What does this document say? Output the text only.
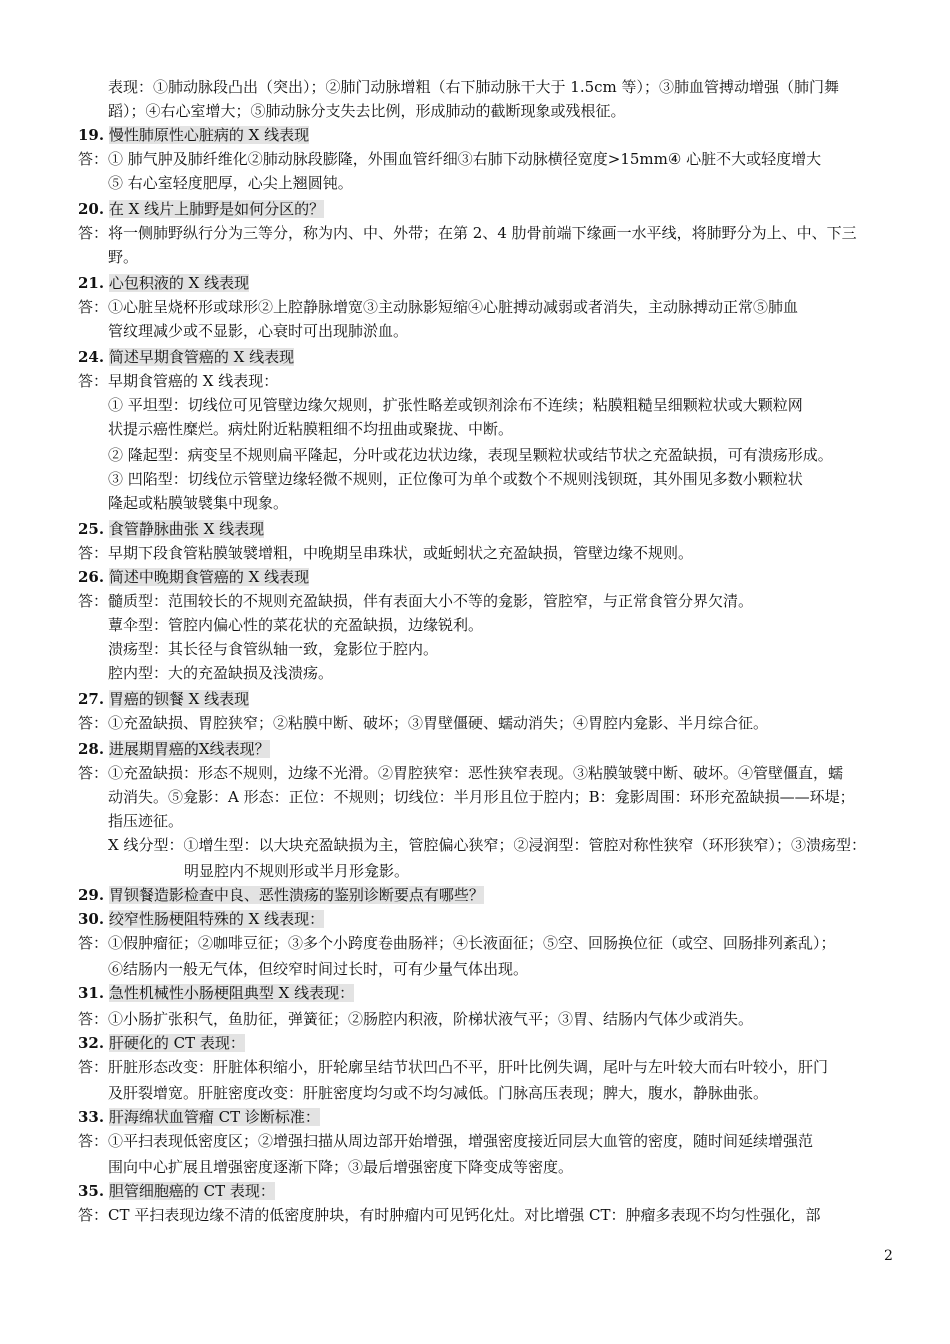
表现：①肺动脉段凸出（突出）；②肺门动脉增粗（右下肺动脉干大于 1.5cm 等）；③肺血管搏动增强（肺门舞
蹈）；④右心室增大；⑤肺动脉分支失去比例，形成肺动的截断现象或残根征。
19. 慢性肺原性心脏病的 X 线表现
答：① 肺气肿及肺纤维化②肺动脉段膨隆，外围血管纤细③右肺下动脉横径宽度>15mm④ 心脏不大或轻度增大
⑤ 右心室轻度肥厚，心尖上翘圆钝。
20. 在 X 线片上肺野是如何分区的？
答：将一侧肺野纵行分为三等分，称为内、中、外带；在第 2、4 肋骨前端下缘画一水平线，将肺野分为上、中、下三
野。
21. 心包积液的 X 线表现
答：①心脏呈烧杯形或球形②上腔静脉增宽③主动脉影短缩④心脏搏动减弱或者消失，主动脉搏动正常⑤肺血
管纹理减少或不显影，心衰时可出现肺淤血。
24. 简述早期食管癌的 X 线表现
答：早期食管癌的 X 线表现：
① 平坦型：切线位可见管壁边缘欠规则，扩张性略差或钡剂涂布不连续；粘膜粗糙呈细颗粒状或大颗粒网
状提示癌性糜烂。病灶附近粘膜粗细不均扭曲或聚拢、中断。
② 隆起型：病变呈不规则扁平隆起，分叶或花边状边缘，表现呈颗粒状或结节状之充盈缺损，可有溃疡形成。
③ 凹陷型：切线位示管壁边缘轻微不规则，正位像可为单个或数个不规则浅钡斑，其外围见多数小颗粒状
隆起或粘膜皱襞集中现象。
25. 食管静脉曲张 X 线表现
答：早期下段食管粘膜皱襞增粗，中晚期呈串珠状，或蚯蚓状之充盈缺损，管壁边缘不规则。
26. 简述中晚期食管癌的 X 线表现
答：髓质型：范围较长的不规则充盈缺损，伴有表面大小不等的龛影，管腔窄，与正常食管分界欠清。
蕈伞型：管腔内偏心性的菜花状的充盈缺损，边缘锐利。
溃疡型：其长径与食管纵轴一致，龛影位于腔内。
腔内型：大的充盈缺损及浅溃疡。
27. 胃癌的钡餐 X 线表现
答：①充盈缺损、胃腔狭窄；②粘膜中断、破坏；③胃壁僵硬、蠕动消失；④胃腔内龛影、半月综合征。
28. 进展期胃癌的X线表现？
答：①充盈缺损：形态不规则，边缘不光滑。②胃腔狭窄：恶性狭窄表现。③粘膜皱襞中断、破坏。④管壁僵直，蠕
动消失。⑤龛影：A 形态：正位：不规则；切线位：半月形且位于腔内；B：龛影周围：环形充盈缺损——环堤；
指压迹征。
X 线分型：①增生型：以大块充盈缺损为主，管腔偏心狭窄；②浸润型：管腔对称性狭窄（环形狭窄）；③溃疡型：
明显腔内不规则形或半月形龛影。
29. 胃钡餐造影检查中良、恶性溃疡的鉴别诊断要点有哪些？
30. 绞窄性肠梗阻特殊的 X 线表现：
答：①假肿瘤征；②咖啡豆征；③多个小跨度卷曲肠袢；④长液面征；⑤空、回肠换位征（或空、回肠排列紊乱）；
⑥结肠内一般无气体，但绞窄时间过长时，可有少量气体出现。
31. 急性机械性小肠梗阻典型 X 线表现：
答：①小肠扩张积气，鱼肋征，弹簧征；②肠腔内积液，阶梯状液气平；③胃、结肠内气体少或消失。
32. 肝硬化的 CT 表现：
答：肝脏形态改变：肝脏体积缩小，肝轮廓呈结节状凹凸不平，肝叶比例失调，尾叶与左叶较大而右叶较小，肝门
及肝裂增宽。肝脏密度改变：肝脏密度均匀或不均匀减低。门脉高压表现；脾大，腹水，静脉曲张。
33. 肝海绵状血管瘤 CT 诊断标准：
答：①平扫表现低密度区；②增强扫描从周边部开始增强，增强密度接近同层大血管的密度，随时间延续增强范
围向中心扩展且增强密度逐渐下降；③最后增强密度下降变成等密度。
35. 胆管细胞癌的 CT 表现：
答：CT 平扫表现边缘不清的低密度肿块，有时肿瘤内可见钙化灶。对比增强 CT：肿瘤多表现不均匀性强化，部
2
